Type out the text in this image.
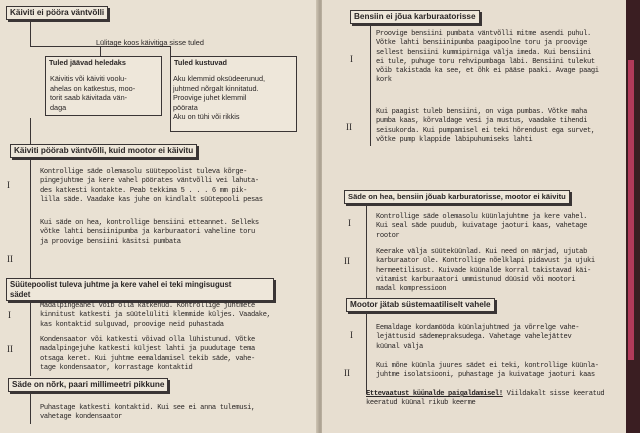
Käiviti ei pööra väntvõlli
Lülitage koos käivitiga sisse tuled
Tuled jäävad heledaks
Käivitis või käiviti voolu-
ahelas on katkestus, moo-
torit saab käivitada vän-
daga
Tuled kustuvad
Aku klemmid oksüdeerunud,
juhtmed nõrgalt kinnitatud.
Proovige juhet klemmil
pöörata
Aku on tühi või rikkis
Käiviti pöörab väntvõlli, kuid mootor ei käivitu
I
Kontrollige säde olemasolu süütepoolist tuleva kõrge-
pingejuhtme ja kere vahel pöörates väntvõlli vei lahuta-
des katkesti kontakte. Peab tekkima 5 . . . 6 mm pik-
lilla säde. Vaadake kas juhe on kindlalt süütepooli pesas
II
Kui säde on hea, kontrollige bensiini etteannet. Selleks
võtke lahti bensiinipumba ja karburaatori vaheline toru
ja proovige bensiini käsitsi pumbata
Süütepoolist tuleva juhtme ja kere vahel ei teki mingisugust
sädet
I
Madalpingeahel võib olla katkenud. Kontrollige juhtmete
kinnitust katkesti ja süütelüliti klemmide küljes. Vaadake,
kas kontaktid sulguvad, proovige neid puhastada
II
Kondensaator või katkesti võivad olla lühistunud. Võtke
madalpingejuhe katkesti küljest lahti ja puudutage tema
otsaga keret. Kui juhtme eemaldamisel tekib säde, vahe-
tage kondensaator, korrastage kontaktid
Säde on nõrk, paari millimeetri pikkune
Puhastage katkesti kontaktid. Kui see ei anna tulemusi,
vahetage kondensaator
Bensiin ei jõua karburaatorisse
I
Proovige bensiini pumbata väntvõlli mitme asendi puhul.
Võtke lahti bensiinipumba paagipoolne toru ja proovige
sellest bensiini kummipirniga välja imeda. Kui bensiini
ei tule, puhuge toru rehvipumbaga läbi. Bensiini tulekut
võib takistada ka see, et õhk ei pääse paaki. Avage paagi
kork
II
Kui paagist tuleb bensiini, on viga pumbas. Võtke maha
pumba kaas, kõrvaldage vesi ja mustus, vaadake tihendi
seisukorda. Kui pumpamisel ei teki hõrendust ega survet,
võtke pump klappide läbipuhumiseks lahti
Säde on hea, bensiin jõuab karburatorisse, mootor ei käivitu
I
Kontrollige säde olemasolu küünlajuhtme ja kere vahel.
Kui seal säde puudub, kuivatage jaoturi kaas, vahetage
rootor
II
Keerake välja süüteküünlad. Kui need on märjad, ujutab
karburaator üle. Kontrollige nõelklapi pidavust ja ujuki
hermeetilisust. Kuivade küünalde korral takistavad käi-
vitamist karburaatori ummistunud düüsid või mootori
madal kompressioon
Mootor jätab süstemaatiliselt vahele
I
Eemaldage kordamööda küünlajuhtmed ja võrrelge vahe-
lejättusid sädemepraksudega. Vahetage vahelejättev
küünal välja
II
Kui mõne küünla juures sädet ei teki, kontrollige küünla-
juhtme isolatsiooni, puhastage ja kuivatage jaoturi kaas
Ettevaatust küünalde paigaldamisel! Viildakalt sisse keeratud
keeratud küünal rikub keerme
